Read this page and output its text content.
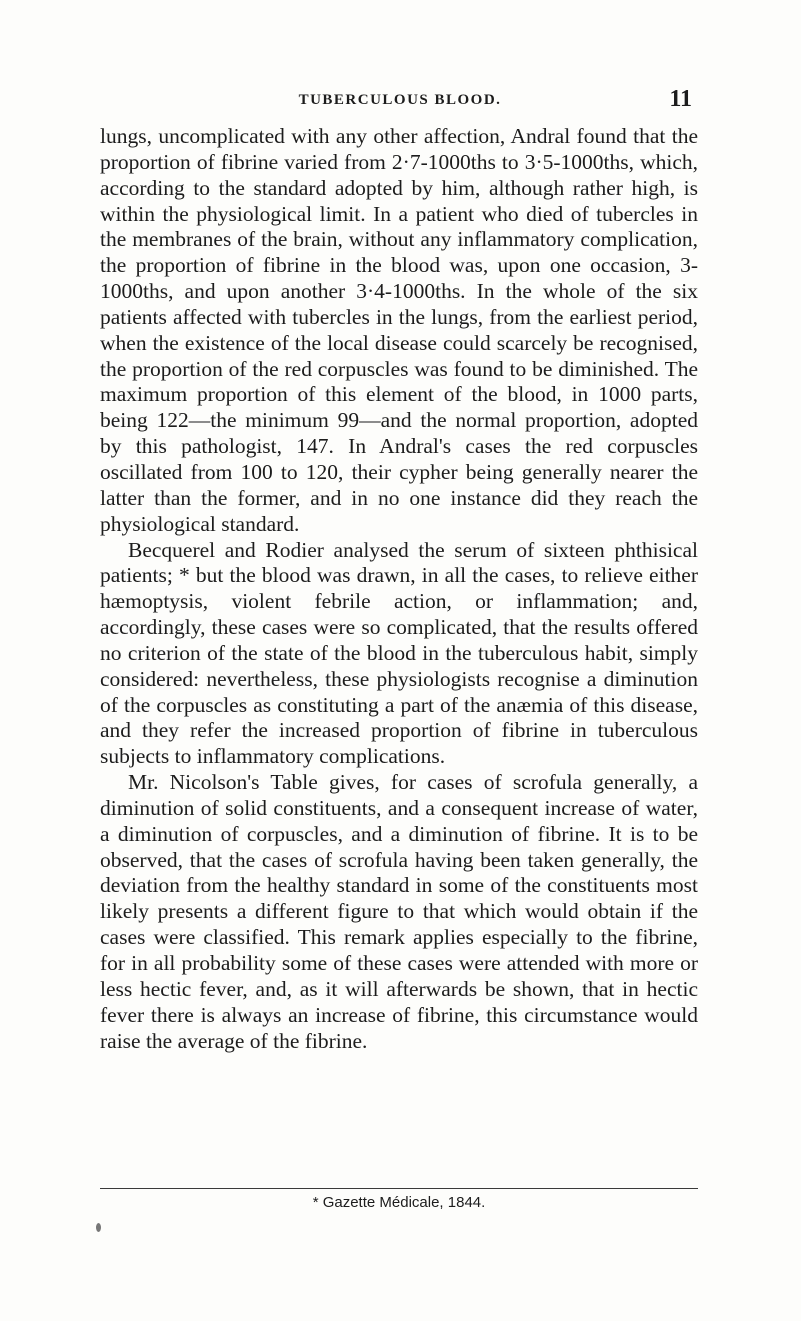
TUBERCULOUS BLOOD.	11

lungs, uncomplicated with any other affection, Andral found that the proportion of fibrine varied from 2·7-1000ths to 3·5-1000ths, which, according to the standard adopted by him, although rather high, is within the physiological limit. In a patient who died of tubercles in the membranes of the brain, without any inflammatory complication, the proportion of fibrine in the blood was, upon one occasion, 3-1000ths, and upon another 3·4-1000ths. In the whole of the six patients affected with tubercles in the lungs, from the earliest period, when the existence of the local disease could scarcely be recognised, the proportion of the red corpuscles was found to be diminished. The maximum proportion of this element of the blood, in 1000 parts, being 122—the minimum 99—and the normal proportion, adopted by this pathologist, 147. In Andral's cases the red corpuscles oscillated from 100 to 120, their cypher being generally nearer the latter than the former, and in no one instance did they reach the physiological standard.

Becquerel and Rodier analysed the serum of sixteen phthisical patients; * but the blood was drawn, in all the cases, to relieve either hæmoptysis, violent febrile action, or inflammation; and, accordingly, these cases were so complicated, that the results offered no criterion of the state of the blood in the tuberculous habit, simply considered: nevertheless, these physiologists recognise a diminution of the corpuscles as constituting a part of the anæmia of this disease, and they refer the increased proportion of fibrine in tuberculous subjects to inflammatory complications.

Mr. Nicolson's Table gives, for cases of scrofula generally, a diminution of solid constituents, and a consequent increase of water, a diminution of corpuscles, and a diminution of fibrine. It is to be observed, that the cases of scrofula having been taken generally, the deviation from the healthy standard in some of the constituents most likely presents a different figure to that which would obtain if the cases were classified. This remark applies especially to the fibrine, for in all probability some of these cases were attended with more or less hectic fever, and, as it will afterwards be shown, that in hectic fever there is always an increase of fibrine, this circumstance would raise the average of the fibrine.

* Gazette Médicale, 1844.
